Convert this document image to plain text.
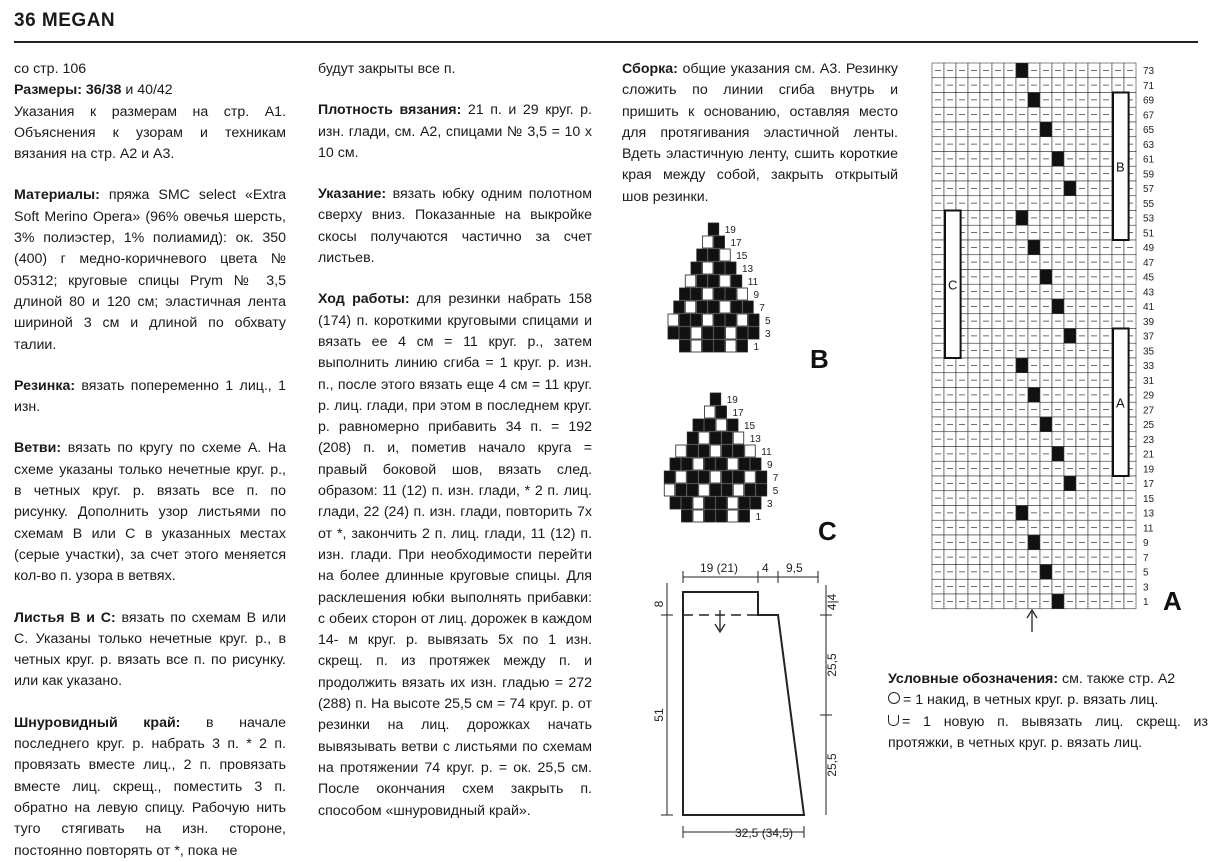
36 MEGAN

со стр. 106

Размеры: 36/38 и 40/42

Указания к размерам на стр. А1. Объяснения к узорам и техникам вязания на стр. А2 и А3.

Материалы: пряжа SMC select «Extra Soft Merino Opera» (96% овечья шерсть, 3% полиэстер, 1% полиамид): ок. 350 (400) г медно-коричневого цвета № 05312; круговые спицы Prym № 3,5 длиной 80 и 120 см; эластичная лента шириной 3 см и длиной по обхвату талии.

Резинка: вязать попеременно 1 лиц., 1 изн.

Ветви: вязать по кругу по схеме А. На схеме указаны только нечетные круг. р., в четных круг. р. вязать все п. по рисунку. Дополнить узор листьями по схемам В или С в указанных местах (серые участки), за счет этого меняется кол-во п. узора в ветвях.

Листья В и С: вязать по схемам В или С. Указаны только нечетные круг. р., в четных круг. р. вязать все п. по рисунку. или как указано.

Шнуровидный край: в начале последнего круг. р. набрать 3 п. * 2 п. провязать вместе лиц., 2 п. провязать вместе лиц. скрещ., поместить 3 п. обратно на левую спицу. Рабочую нить туго стягивать на изн. стороне, постоянно повторять от *, пока не

будут закрыты все п.

Плотность вязания: 21 п. и 29 круг. р. изн. глади, см. А2, спицами № 3,5 = 10 х 10 см.

Указание: вязать юбку одним полотном сверху вниз. Показанные на выкройке скосы получаются частично за счет листьев.

Ход работы: для резинки набрать 158 (174) п. короткими круговыми спицами и вязать ее 4 см = 11 круг. р., затем выполнить линию сгиба = 1 круг. р. изн. п., после этого вязать еще 4 см = 11 круг. р. лиц. глади, при этом в последнем круг. р. равномерно прибавить 34 п. = 192 (208) п. и, пометив начало круга = правый боковой шов, вязать след. образом: 11 (12) п. изн. глади, * 2 п. лиц. глади, 22 (24) п. изн. глади, повторить 7х от *, закончить 2 п. лиц. глади, 11 (12) п. изн. глади. При необходимости перейти на более длинные круговые спицы. Для расклешения юбки выполнять прибавки: с обеих сторон от лиц. дорожек в каждом 14- м круг. р. вывязать 5х по 1 изн. скрещ. п. из протяжек между п. и продолжить вязать их изн. гладью = 272 (288) п. На высоте 25,5 см = 74 круг. р. от резинки на лиц. дорожках начать вывязывать ветви с листьями по схемам на протяжении 74 круг. р. = ок. 25,5 см. После окончания схем закрыть п. способом «шнуровидный край».

Сборка: общие указания см. А3. Резинку сложить по линии сгиба внутрь и пришить к основанию, оставляя место для протягивания эластичной ленты. Вдеть эластичную ленту, сшить короткие края между собой, закрыть открытый шов резинки.

19
17
15
13
11
9
7
5
3
1
19
17
15
13
11
9
7
5
3
1
73
71
69
67
65
63
61
59
57
55
53
51
49
47
45
43
41
39
37
35
33
31
29
27
25
23
21
19
17
15
13
11
9
7
5
3
1
B
C
A
19 (21) 4 9,5
32,5 (34,5)
8
51
4|4
25,5
25,5
B
C
A

Условные обозначения: см. также стр. А2

= 1 накид, в четных круг. р. вязать лиц.

= 1 новую п. вывязать лиц. скрещ. из протяжки, в четных круг. р. вязать лиц.
